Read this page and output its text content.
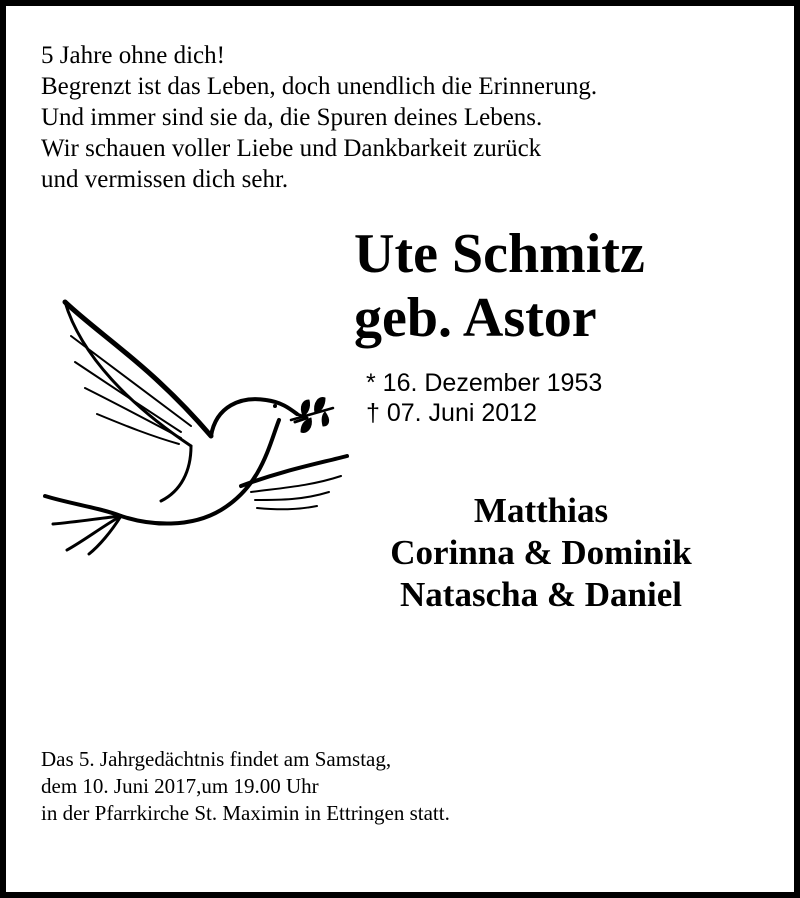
5 Jahre ohne dich!
Begrenzt ist das Leben, doch unendlich die Erinnerung.
Und immer sind sie da, die Spuren deines Lebens.
Wir schauen voller Liebe und Dankbarkeit zurück
und vermissen dich sehr.
Ute Schmitz
geb. Astor
* 16. Dezember 1953
† 07. Juni 2012
Matthias
Corinna & Dominik
Natascha & Daniel
Das 5. Jahrgedächtnis findet am Samstag,
dem 10. Juni 2017,um 19.00 Uhr
in der Pfarrkirche St. Maximin in Ettringen statt.
